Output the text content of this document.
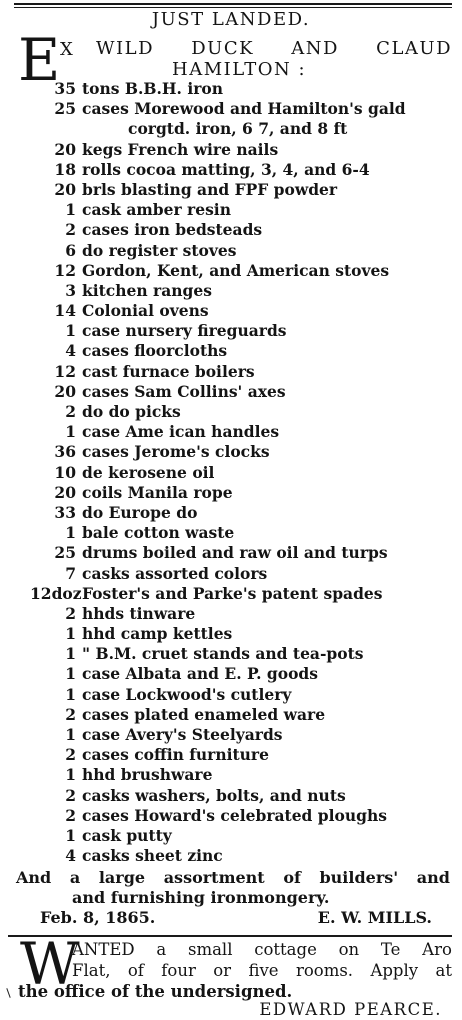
JUST LANDED.
E X WILD DUCK AND CLAUD
HAMILTON :
35 tons B.B.H. iron
25 cases Morewood and Hamilton's gald
corgtd. iron, 6 7, and 8 ft
20 kegs French wire nails
18 rolls cocoa matting, 3, 4, and 6-4
20 brls blasting and FPF powder
1 cask amber resin
2 cases iron bedsteads
6 do register stoves
12 Gordon, Kent, and American stoves
3 kitchen ranges
14 Colonial ovens
1 case nursery fireguards
4 cases floorcloths
12 cast furnace boilers
20 cases Sam Collins' axes
2 do do picks
1 case Ame ican handles
36 cases Jerome's clocks
10 de kerosene oil
20 coils Manila rope
33 do Europe do
1 bale cotton waste
25 drums boiled and raw oil and turps
7 casks assorted colors
12doz Foster's and Parke's patent spades
2 hhds tinware
1 hhd camp kettles
1 " B.M. cruet stands and tea-pots
1 case Albata and E. P. goods
1 case Lockwood's cutlery
2 cases plated enameled ware
1 case Avery's Steelyards
2 cases coffin furniture
1 hhd brushware
2 casks washers, bolts, and nuts
2 cases Howard's celebrated ploughs
1 cask putty
4 casks sheet zinc
And a large assortment of builders' and
and furnishing ironmongery.
Feb. 8, 1865.	E. W. MILLS.
W
ANTED a small cottage on Te Aro
Flat, of four or five rooms. Apply at
the office of the undersigned.
EDWARD PEARCE.
